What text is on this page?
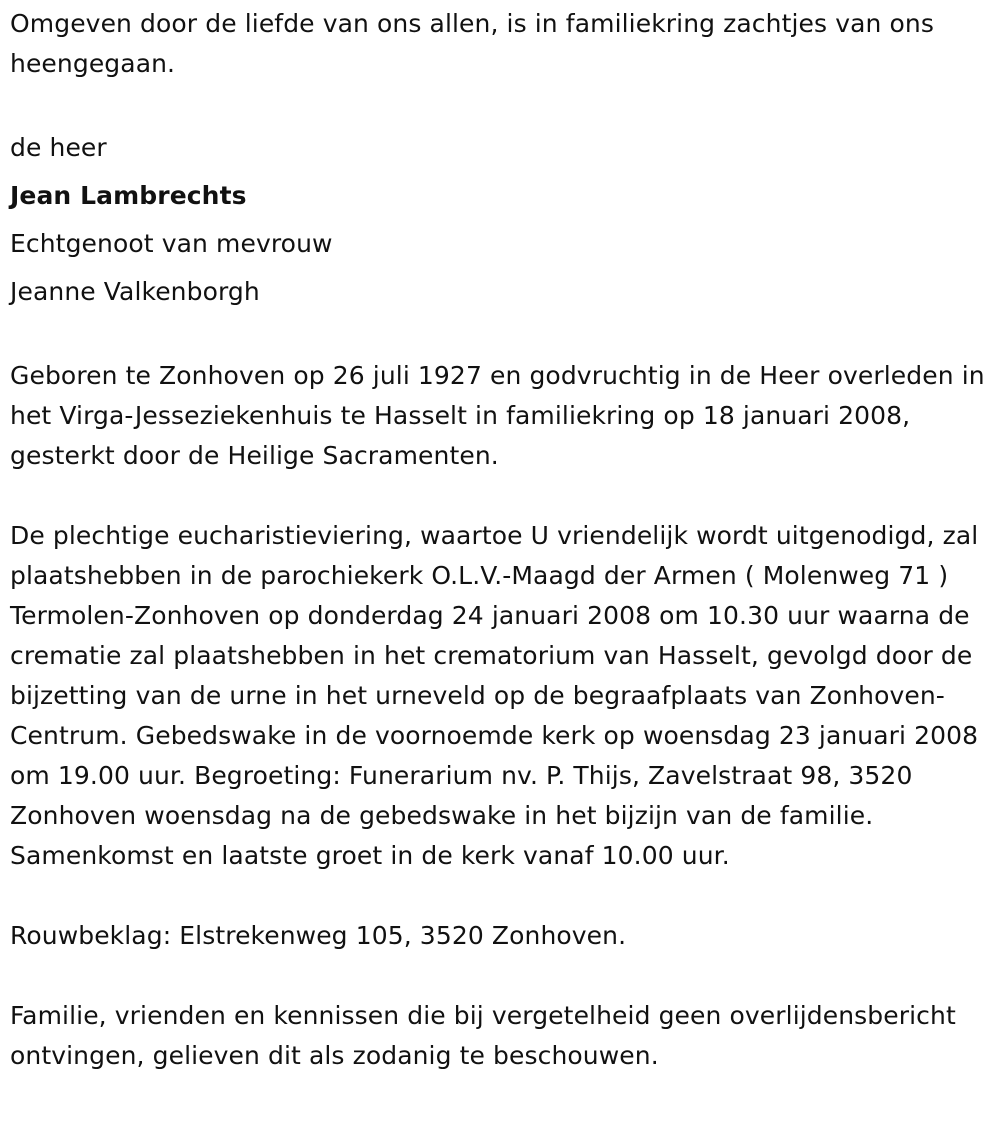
Omgeven door de liefde van ons allen, is in familiekring zachtjes van ons heengegaan.

de heer

Jean Lambrechts

Echtgenoot van mevrouw

Jeanne Valkenborgh

Geboren te Zonhoven op 26 juli 1927 en godvruchtig in de Heer overleden in het Virga-Jesseziekenhuis te Hasselt in familiekring op 18 januari 2008, gesterkt door de Heilige Sacramenten.

De plechtige eucharistieviering, waartoe U vriendelijk wordt uitgenodigd, zal plaatshebben in de parochiekerk O.L.V.-Maagd der Armen ( Molenweg 71 ) Termolen-Zonhoven op donderdag 24 januari 2008 om 10.30 uur waarna de crematie zal plaatshebben in het crematorium van Hasselt, gevolgd door de bijzetting van de urne in het urneveld op de begraafplaats van Zonhoven-Centrum. Gebedswake in de voornoemde kerk op woensdag 23 januari 2008 om 19.00 uur. Begroeting: Funerarium nv. P. Thijs, Zavelstraat 98, 3520 Zonhoven woensdag na de gebedswake in het bijzijn van de familie. Samenkomst en laatste groet in de kerk vanaf 10.00 uur.

Rouwbeklag: Elstrekenweg 105, 3520 Zonhoven.

Familie, vrienden en kennissen die bij vergetelheid geen overlijdensbericht ontvingen, gelieven dit als zodanig te beschouwen.
